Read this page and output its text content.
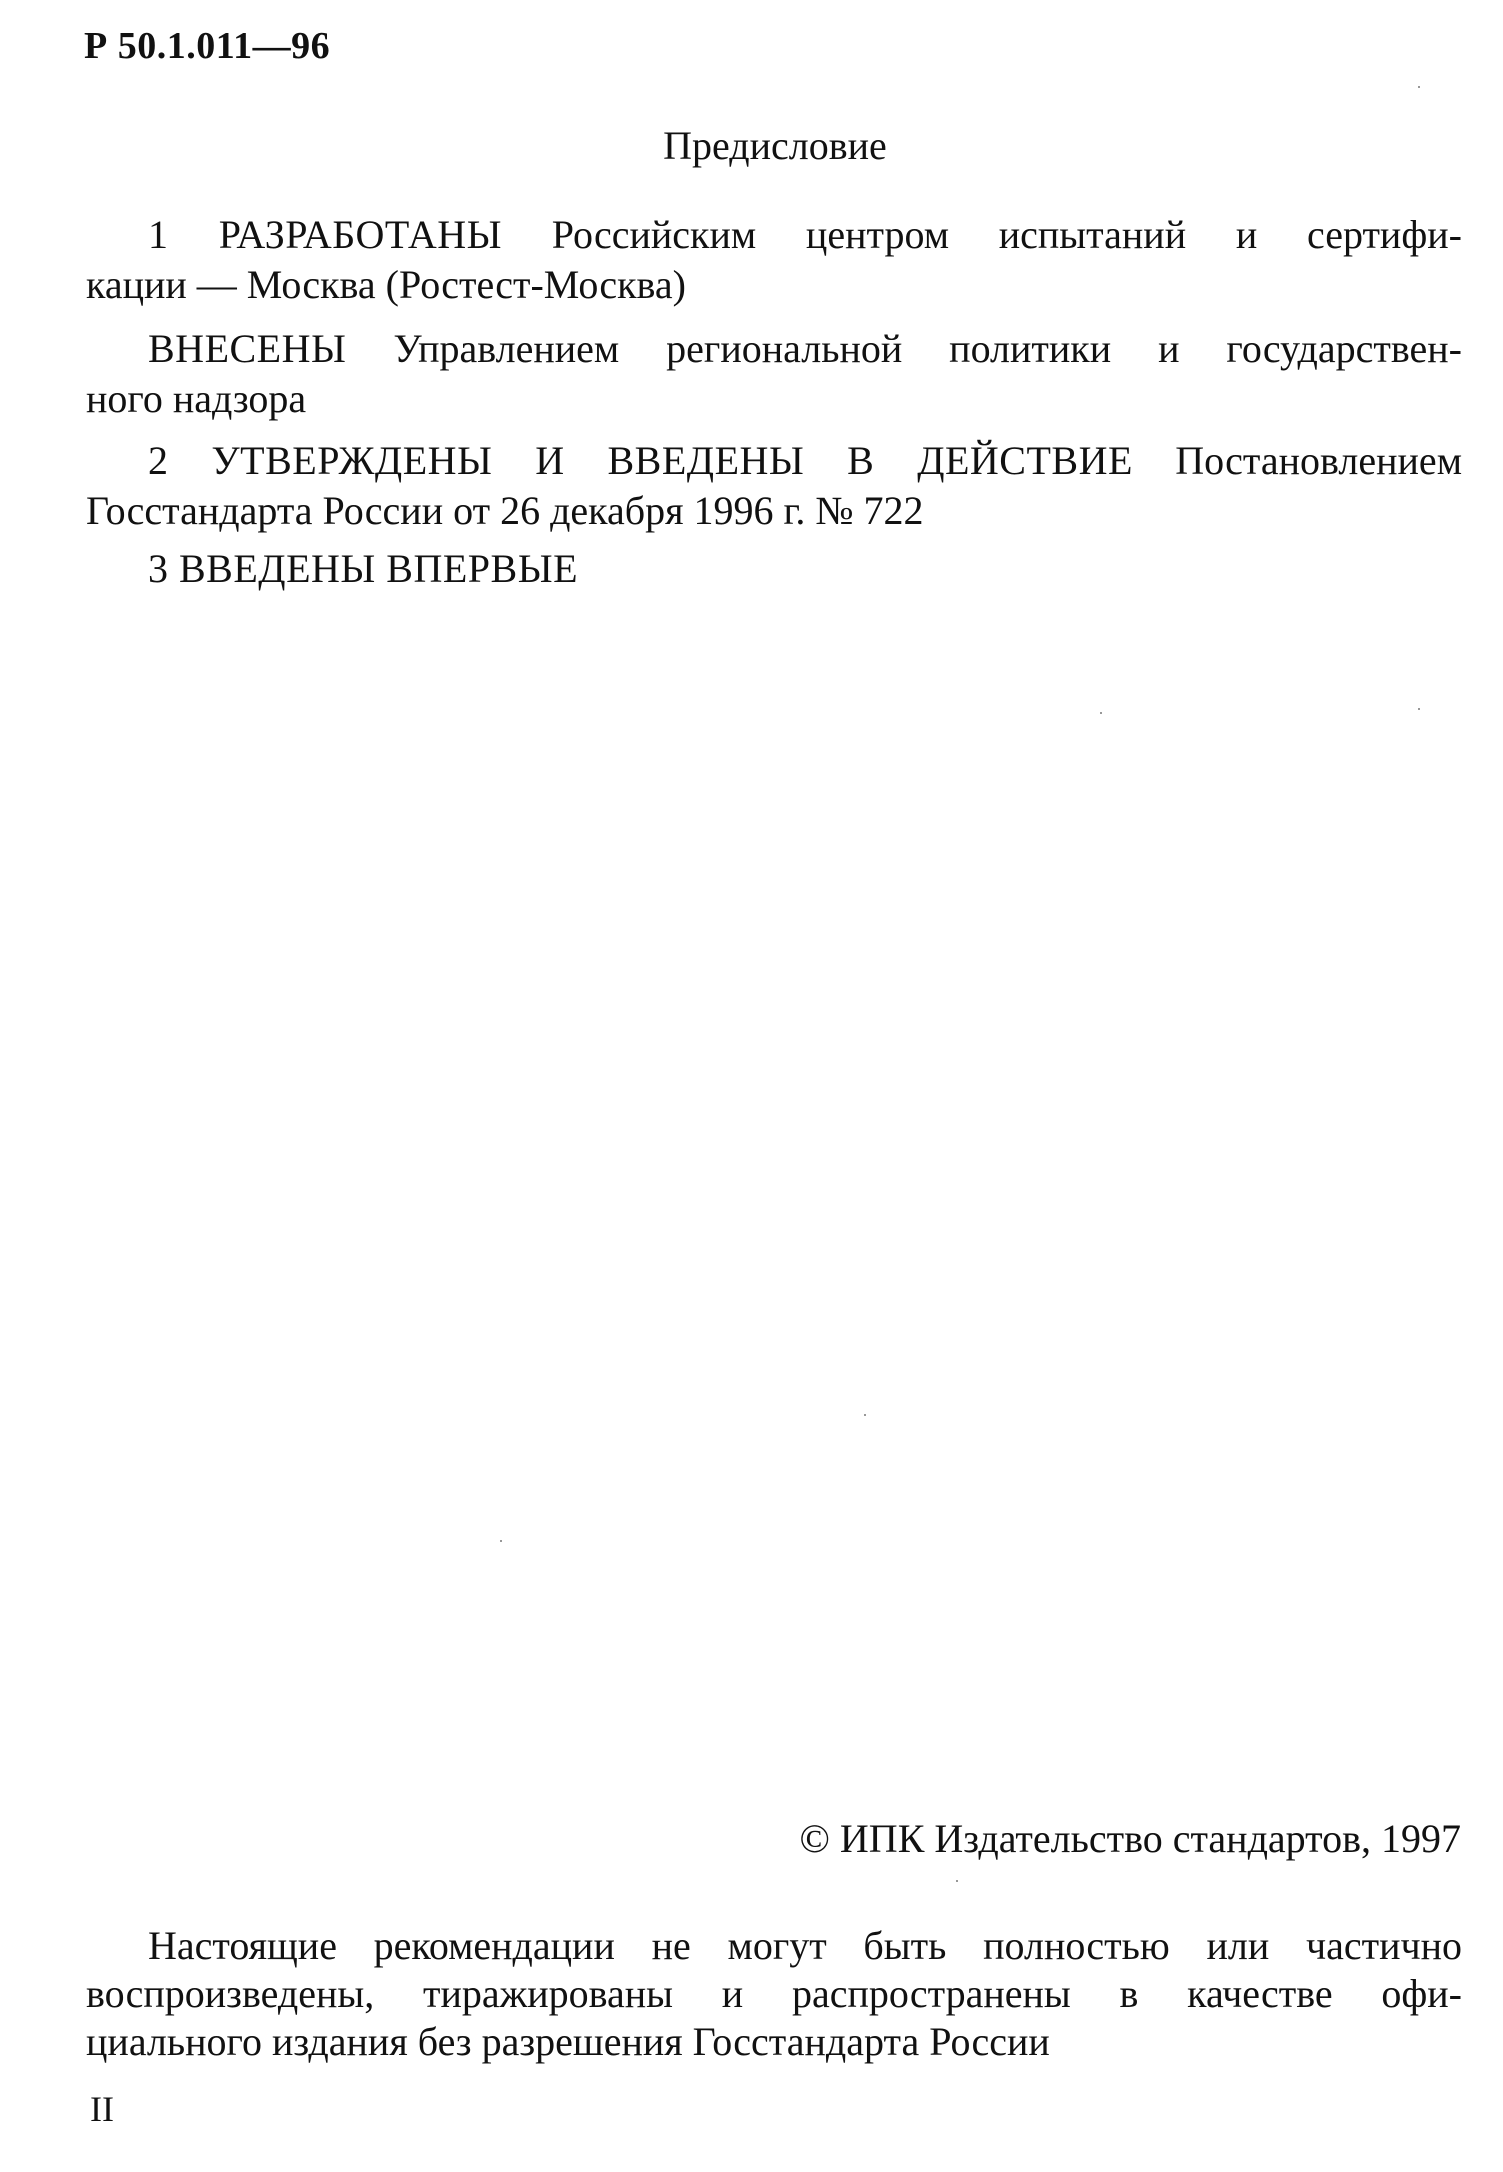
Р 50.1.011—96
Предисловие
1 РАЗРАБОТАНЫ Российским центром испытаний и сертифи-
кации — Москва (Ростест-Москва)
ВНЕСЕНЫ Управлением региональной политики и государствен-
ного надзора
2 УТВЕРЖДЕНЫ И ВВЕДЕНЫ В ДЕЙСТВИЕ Постановлением
Госстандарта России от 26 декабря 1996 г. № 722
3 ВВЕДЕНЫ ВПЕРВЫЕ
© ИПК Издательство стандартов, 1997
Настоящие рекомендации не могут быть полностью или частично
воспроизведены, тиражированы и распространены в качестве офи-
циального издания без разрешения Госстандарта России
II
